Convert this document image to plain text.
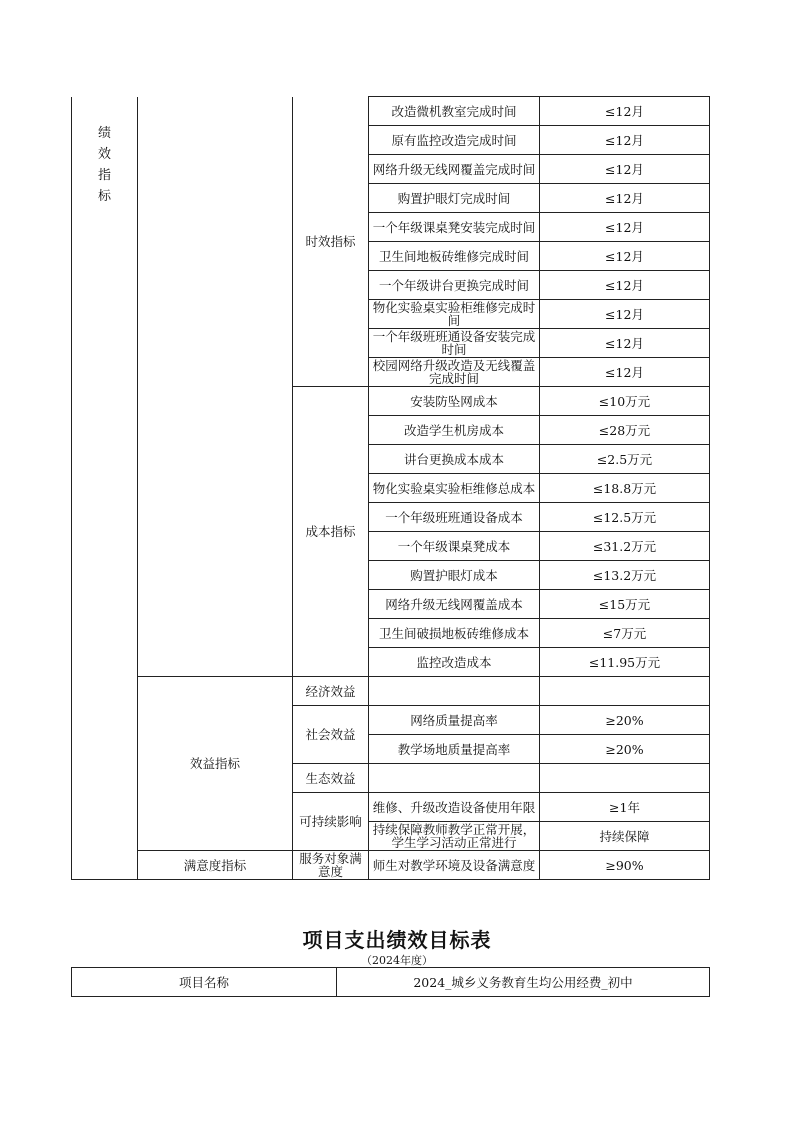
绩效指标		时效指标	改造微机教室完成时间	≤12月

			原有监控改造完成时间	≤12月

			网络升级无线网覆盖完成时间	≤12月

			购置护眼灯完成时间	≤12月

			一个年级课桌凳安装完成时间	≤12月

			卫生间地板砖维修完成时间	≤12月

			一个年级讲台更换完成时间	≤12月

			物化实验桌实验柜维修完成时间	≤12月

			一个年级班班通设备安装完成时间	≤12月

			校园网络升级改造及无线覆盖完成时间	≤12月
		成本指标	安装防坠网成本	≤10万元

			改造学生机房成本	≤28万元

			讲台更换成本成本	≤2.5万元

			物化实验桌实验柜维修总成本	≤18.8万元

			一个年级班班通设备成本	≤12.5万元

			一个年级课桌凳成本	≤31.2万元

			购置护眼灯成本	≤13.2万元

			网络升级无线网覆盖成本	≤15万元

			卫生间破损地板砖维修成本	≤7万元

			监控改造成本	≤11.95万元
	效益指标	经济效益		
		社会效益	网络质量提高率	≥20%

			教学场地质量提高率	≥20%
		生态效益		
		可持续影响	维修、升级改造设备使用年限	≥1年

			持续保障教师教学正常开展，学生学习活动正常进行	持续保障
	满意度指标	服务对象满意度	师生对教学环境及设备满意度	≥90%
项目支出绩效目标表
（2024年度）
项目名称	2024_城乡义务教育生均公用经费_初中
